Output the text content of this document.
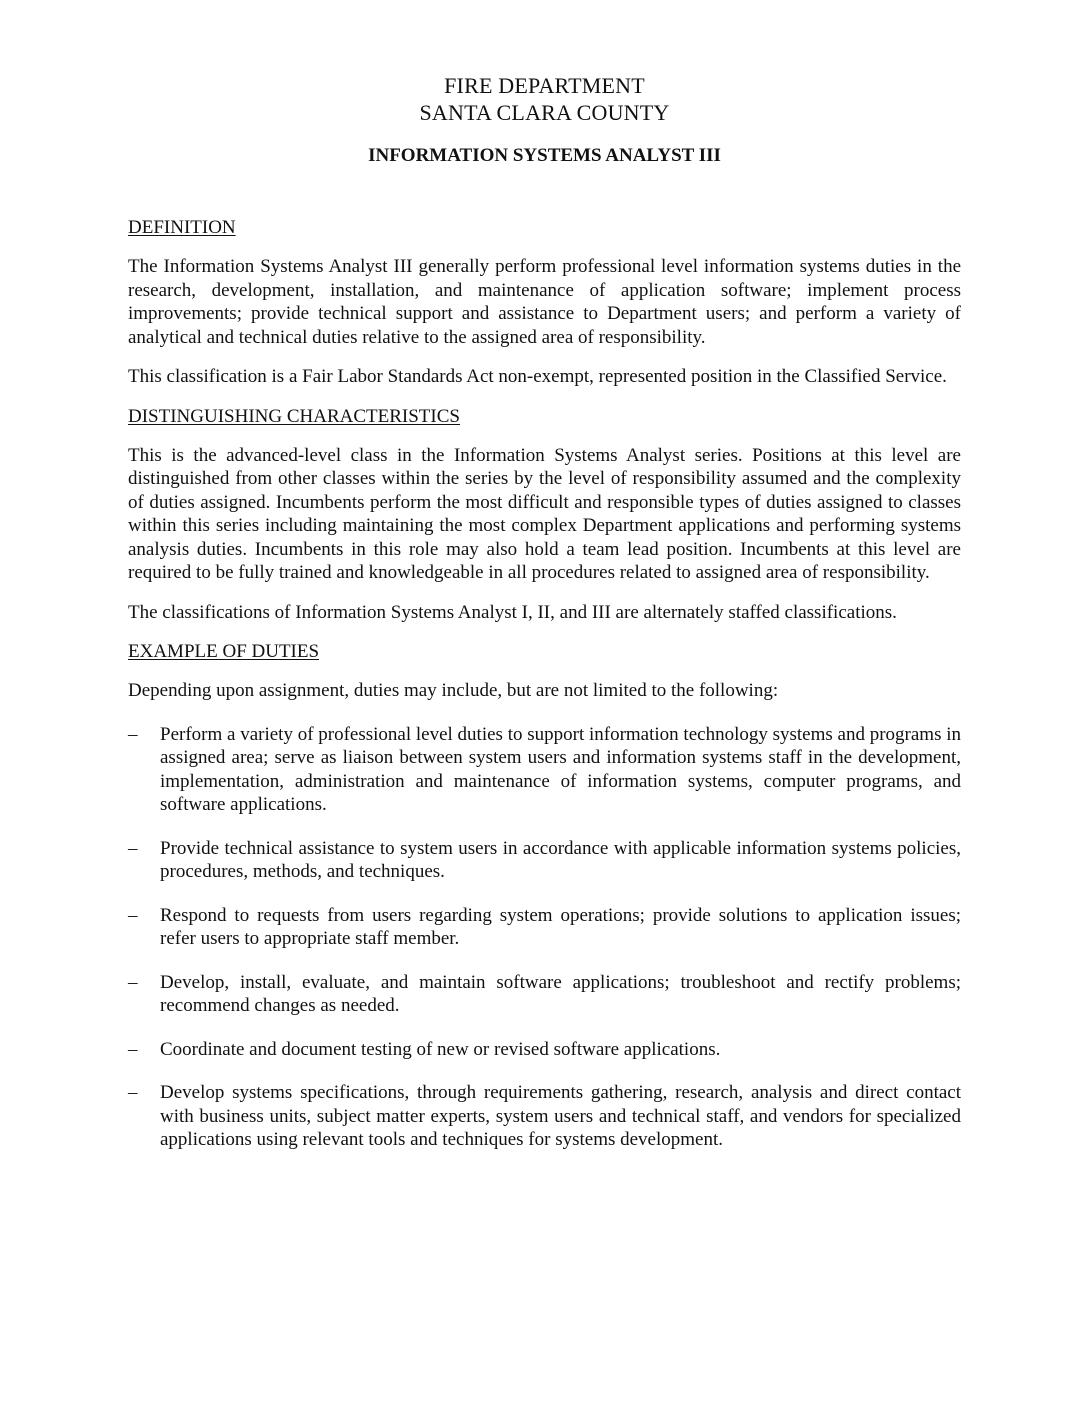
FIRE DEPARTMENT
SANTA CLARA COUNTY
INFORMATION SYSTEMS ANALYST III
DEFINITION

The Information Systems Analyst III generally perform professional level information systems duties in the research, development, installation, and maintenance of application software; implement process improvements; provide technical support and assistance to Department users; and perform a variety of analytical and technical duties relative to the assigned area of responsibility.

This classification is a Fair Labor Standards Act non-exempt, represented position in the Classified Service.

DISTINGUISHING CHARACTERISTICS

This is the advanced-level class in the Information Systems Analyst series. Positions at this level are distinguished from other classes within the series by the level of responsibility assumed and the complexity of duties assigned. Incumbents perform the most difficult and responsible types of duties assigned to classes within this series including maintaining the most complex Department applications and performing systems analysis duties. Incumbents in this role may also hold a team lead position. Incumbents at this level are required to be fully trained and knowledgeable in all procedures related to assigned area of responsibility.

The classifications of Information Systems Analyst I, II, and III are alternately staffed classifications.

EXAMPLE OF DUTIES

Depending upon assignment, duties may include, but are not limited to the following:

–	Perform a variety of professional level duties to support information technology systems and programs in assigned area; serve as liaison between system users and information systems staff in the development, implementation, administration and maintenance of information systems, computer programs, and software applications.
–	Provide technical assistance to system users in accordance with applicable information systems policies, procedures, methods, and techniques.
–	Respond to requests from users regarding system operations; provide solutions to application issues; refer users to appropriate staff member.
–	Develop, install, evaluate, and maintain software applications; troubleshoot and rectify problems; recommend changes as needed.
–	Coordinate and document testing of new or revised software applications.
–	Develop systems specifications, through requirements gathering, research, analysis and direct contact with business units, subject matter experts, system users and technical staff, and vendors for specialized applications using relevant tools and techniques for systems development.
